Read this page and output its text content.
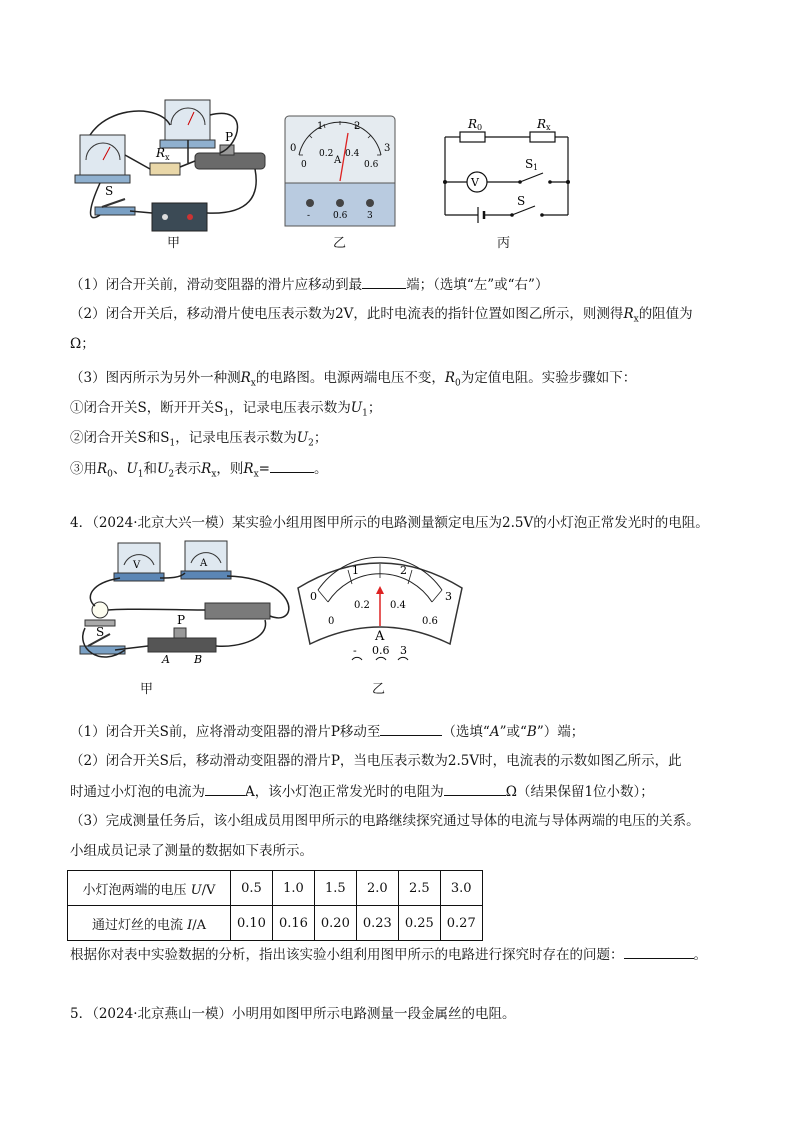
R x
P
S
甲
0
1	2
3
0
0.2 0.4
0.6
A
-	0.6 3
乙
V
R 0	R x
S 1
S
丙
（1）闭合开关前，滑动变阻器的滑片应移动到最	端；（选填“左”或“右”）
（2）闭合开关后，移动滑片使电压表示数为2V，此时电流表的指针位置如图乙所示，则测得$R_x$的阻值为
Ω；
（3）图丙所示为另外一种测$R_x$的电路图。电源两端电压不变，$R_0$为定值电阻。实验步骤如下：
①闭合开关S，断开开关$S_1$，记录电压表示数为$U_1$；
②闭合开关S和$S_1$，记录电压表示数为$U_2$；
③用$R_0$、$U_1$和$U_2$表示$R_x$，则$R_x=$	。
4．（2024·北京大兴一模）某实验小组用图甲所示的电路测量额定电压为2.5V的小灯泡正常发光时的电阻。
V	A
S
P
A B
甲
0
1	2
3
0
0.2 0.4
0.6
A
- 0.6 3
乙
（1）闭合开关S前，应将滑动变阻器的滑片P移动至	（选填“A”或“B”）端；
（2）闭合开关S后，移动滑动变阻器的滑片P，当电压表示数为2.5V时，电流表的示数如图乙所示，此
时通过小灯泡的电流为	A，该小灯泡正常发光时的电阻为	Ω（结果保留1位小数）；
（3）完成测量任务后，该小组成员用图甲所示的电路继续探究通过导体的电流与导体两端的电压的关系。
小组成员记录了测量的数据如下表所示。
小灯泡两端的电压 U/V	0.5	1.0	1.5	2.0	2.5	3.0
通过灯丝的电流 I/A	0.10	0.16	0.20	0.23	0.25	0.27
根据你对表中实验数据的分析，指出该实验小组利用图甲所示的电路进行探究时存在的问题：	。
5．（2024·北京燕山一模）小明用如图甲所示电路测量一段金属丝的电阻。
